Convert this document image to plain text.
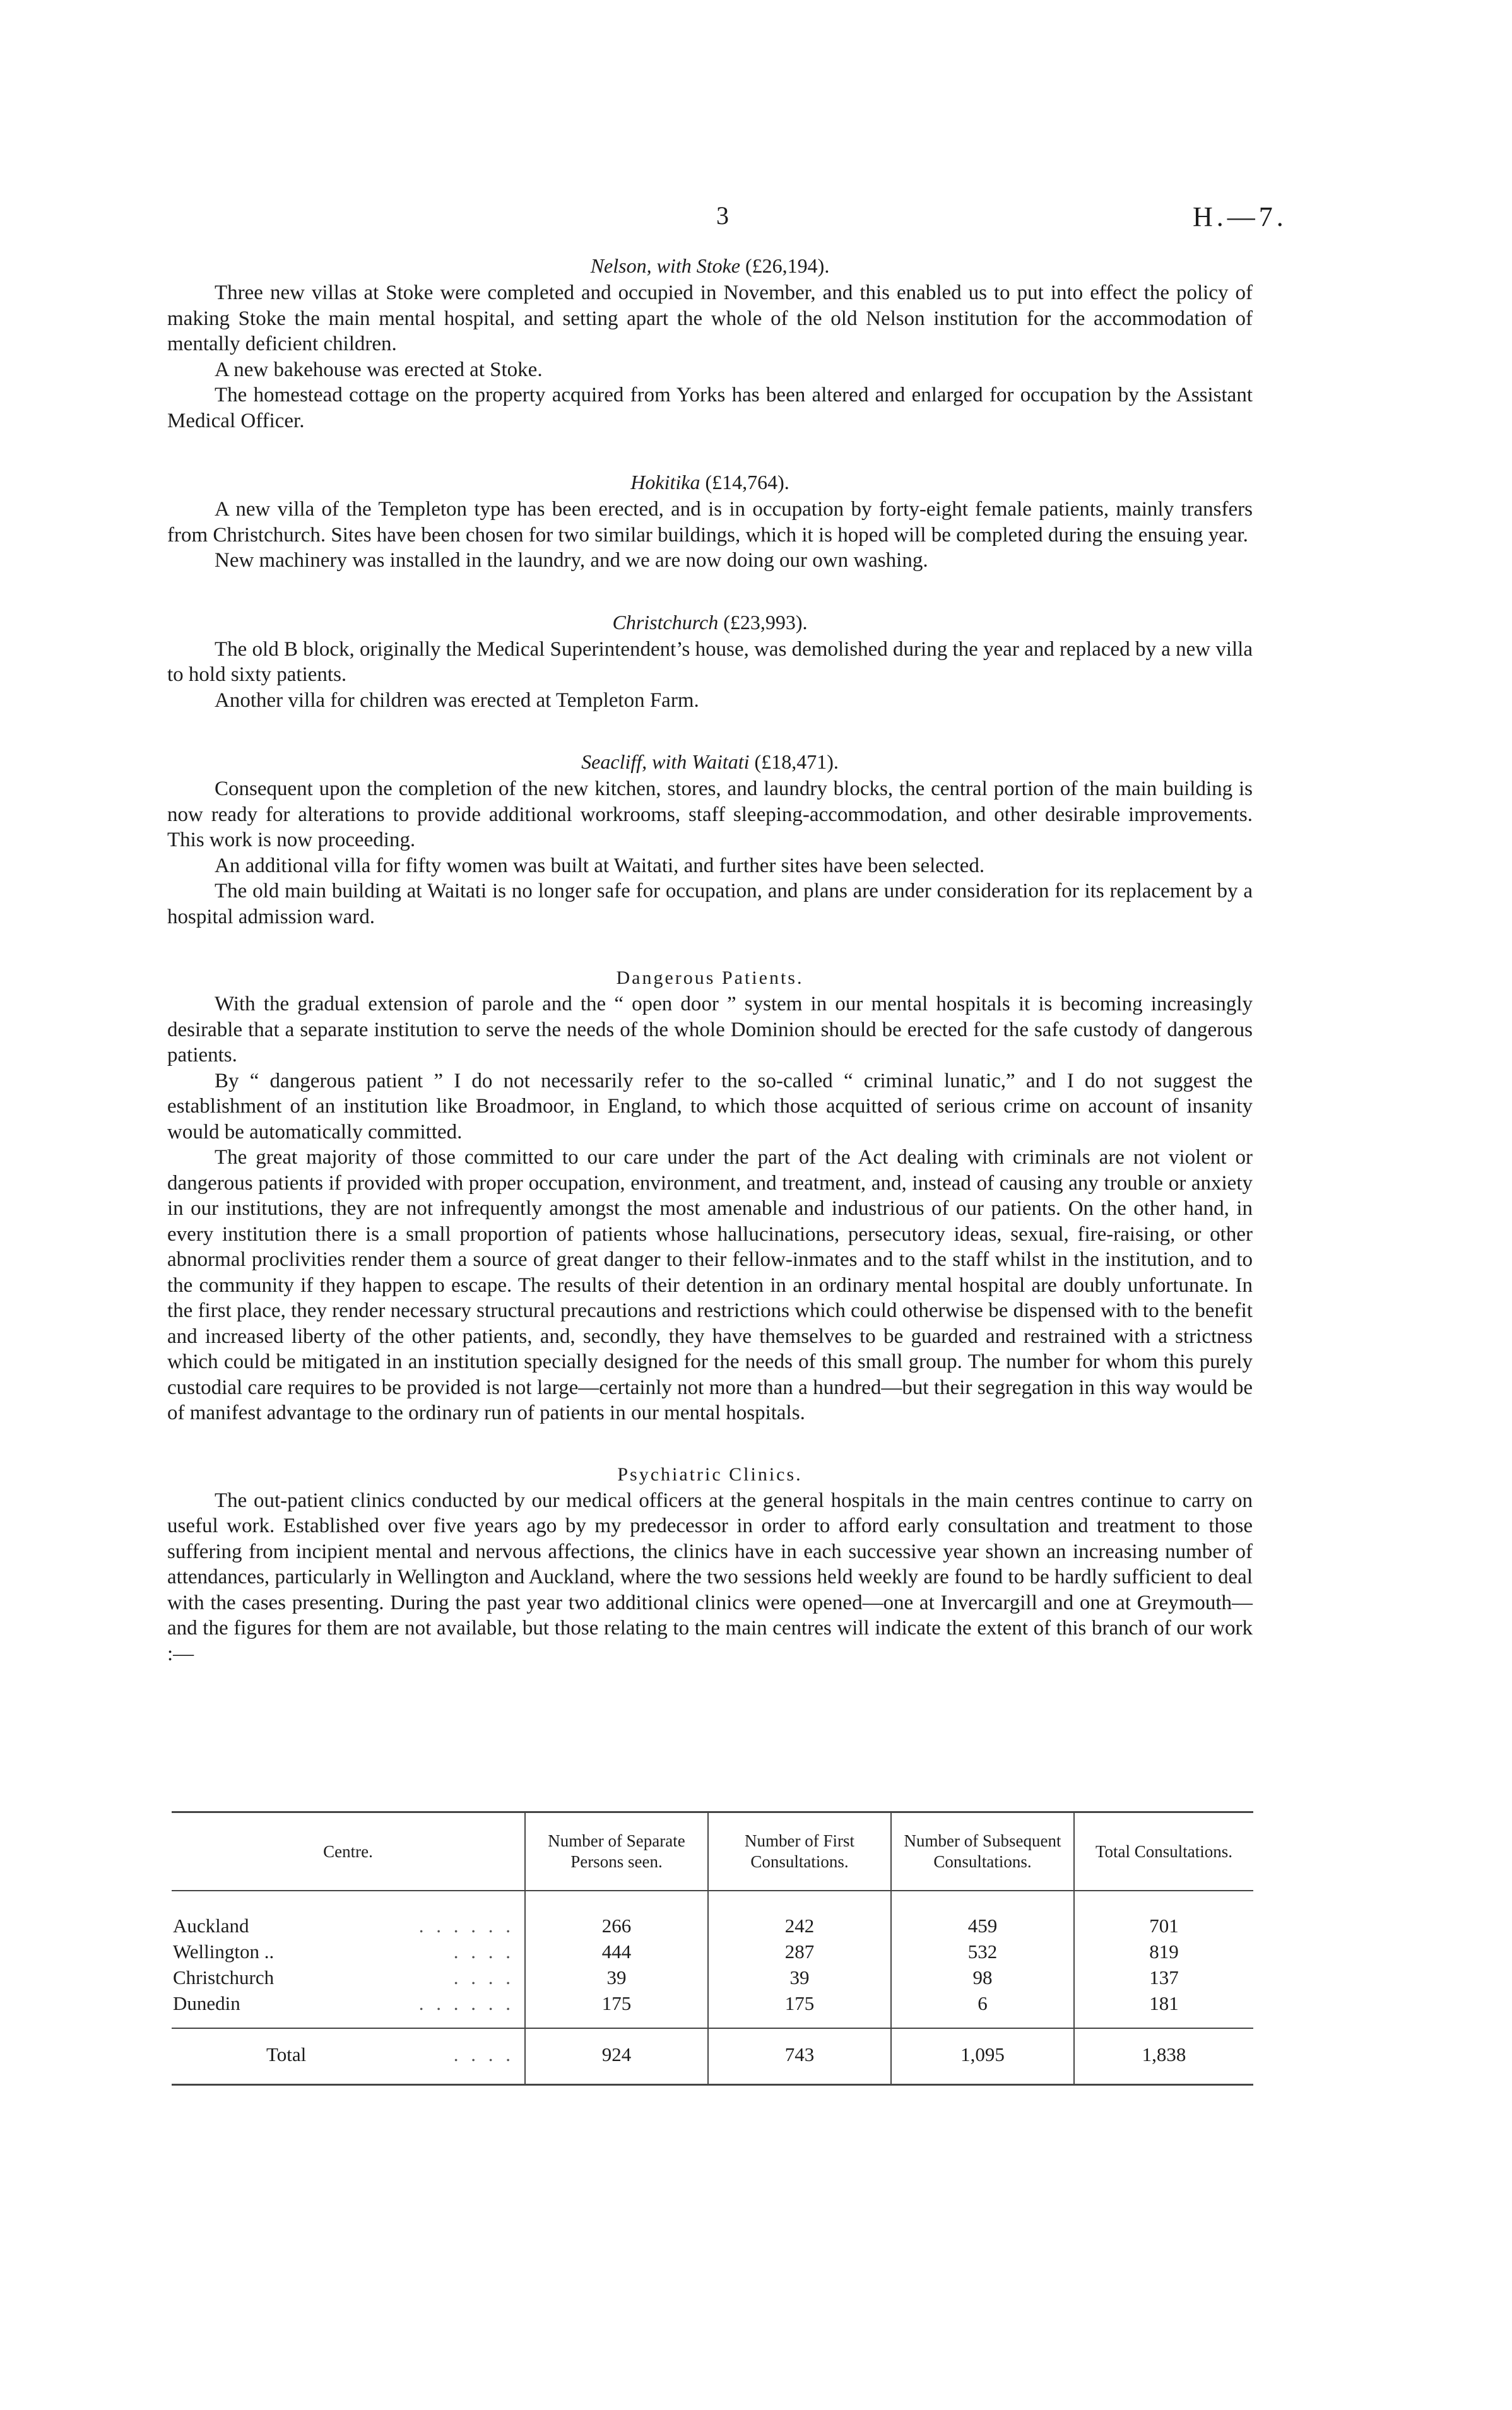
3	H.—7.
Nelson, with Stoke (£26,194).

Three new villas at Stoke were completed and occupied in November, and this enabled us to put into effect the policy of making Stoke the main mental hospital, and setting apart the whole of the old Nelson institution for the accommodation of mentally deficient children.

A new bakehouse was erected at Stoke.

The homestead cottage on the property acquired from Yorks has been altered and enlarged for occupation by the Assistant Medical Officer.

Hokitika (£14,764).

A new villa of the Templeton type has been erected, and is in occupation by forty-eight female patients, mainly transfers from Christchurch. Sites have been chosen for two similar buildings, which it is hoped will be completed during the ensuing year.

New machinery was installed in the laundry, and we are now doing our own washing.

Christchurch (£23,993).

The old B block, originally the Medical Superintendent’s house, was demolished during the year and replaced by a new villa to hold sixty patients.

Another villa for children was erected at Templeton Farm.

Seacliff, with Waitati (£18,471).

Consequent upon the completion of the new kitchen, stores, and laundry blocks, the central portion of the main building is now ready for alterations to provide additional workrooms, staff sleeping-accommodation, and other desirable improvements. This work is now proceeding.

An additional villa for fifty women was built at Waitati, and further sites have been selected.

The old main building at Waitati is no longer safe for occupation, and plans are under consideration for its replacement by a hospital admission ward.

Dangerous Patients.

With the gradual extension of parole and the “ open door ” system in our mental hospitals it is becoming increasingly desirable that a separate institution to serve the needs of the whole Dominion should be erected for the safe custody of dangerous patients.

By “ dangerous patient ” I do not necessarily refer to the so-called “ criminal lunatic,” and I do not suggest the establishment of an institution like Broadmoor, in England, to which those acquitted of serious crime on account of insanity would be automatically committed.

The great majority of those committed to our care under the part of the Act dealing with criminals are not violent or dangerous patients if provided with proper occupation, environment, and treatment, and, instead of causing any trouble or anxiety in our institutions, they are not infrequently amongst the most amenable and industrious of our patients. On the other hand, in every institution there is a small proportion of patients whose hallucinations, persecutory ideas, sexual, fire-raising, or other abnormal proclivities render them a source of great danger to their fellow-inmates and to the staff whilst in the institution, and to the community if they happen to escape. The results of their detention in an ordinary mental hospital are doubly unfortunate. In the first place, they render necessary structural precautions and restrictions which could otherwise be dispensed with to the benefit and increased liberty of the other patients, and, secondly, they have themselves to be guarded and restrained with a strictness which could be mitigated in an institution specially designed for the needs of this small group. The number for whom this purely custodial care requires to be provided is not large—certainly not more than a hundred—but their segregation in this way would be of manifest advantage to the ordinary run of patients in our mental hospitals.

Psychiatric Clinics.

The out-patient clinics conducted by our medical officers at the general hospitals in the main centres continue to carry on useful work. Established over five years ago by my predecessor in order to afford early consultation and treatment to those suffering from incipient mental and nervous affections, the clinics have in each successive year shown an increasing number of attendances, particularly in Wellington and Auckland, where the two sessions held weekly are found to be hardly sufficient to deal with the cases presenting. During the past year two additional clinics were opened—one at Invercargill and one at Greymouth—and the figures for them are not available, but those relating to the main centres will indicate the extent of this branch of our work :—

Centre.	Number of Separate Persons seen.	Number of First Consultations.	Number of Subsequent Consultations.	Total Consultations.
Auckland . . . . . .	266	242	459	701
Wellington .. . . . .	444	287	532	819
Christchurch . . . .	39	39	98	137
Dunedin . . . . . .	175	175	6	181
Total . . . .	924	743	1,095	1,838
